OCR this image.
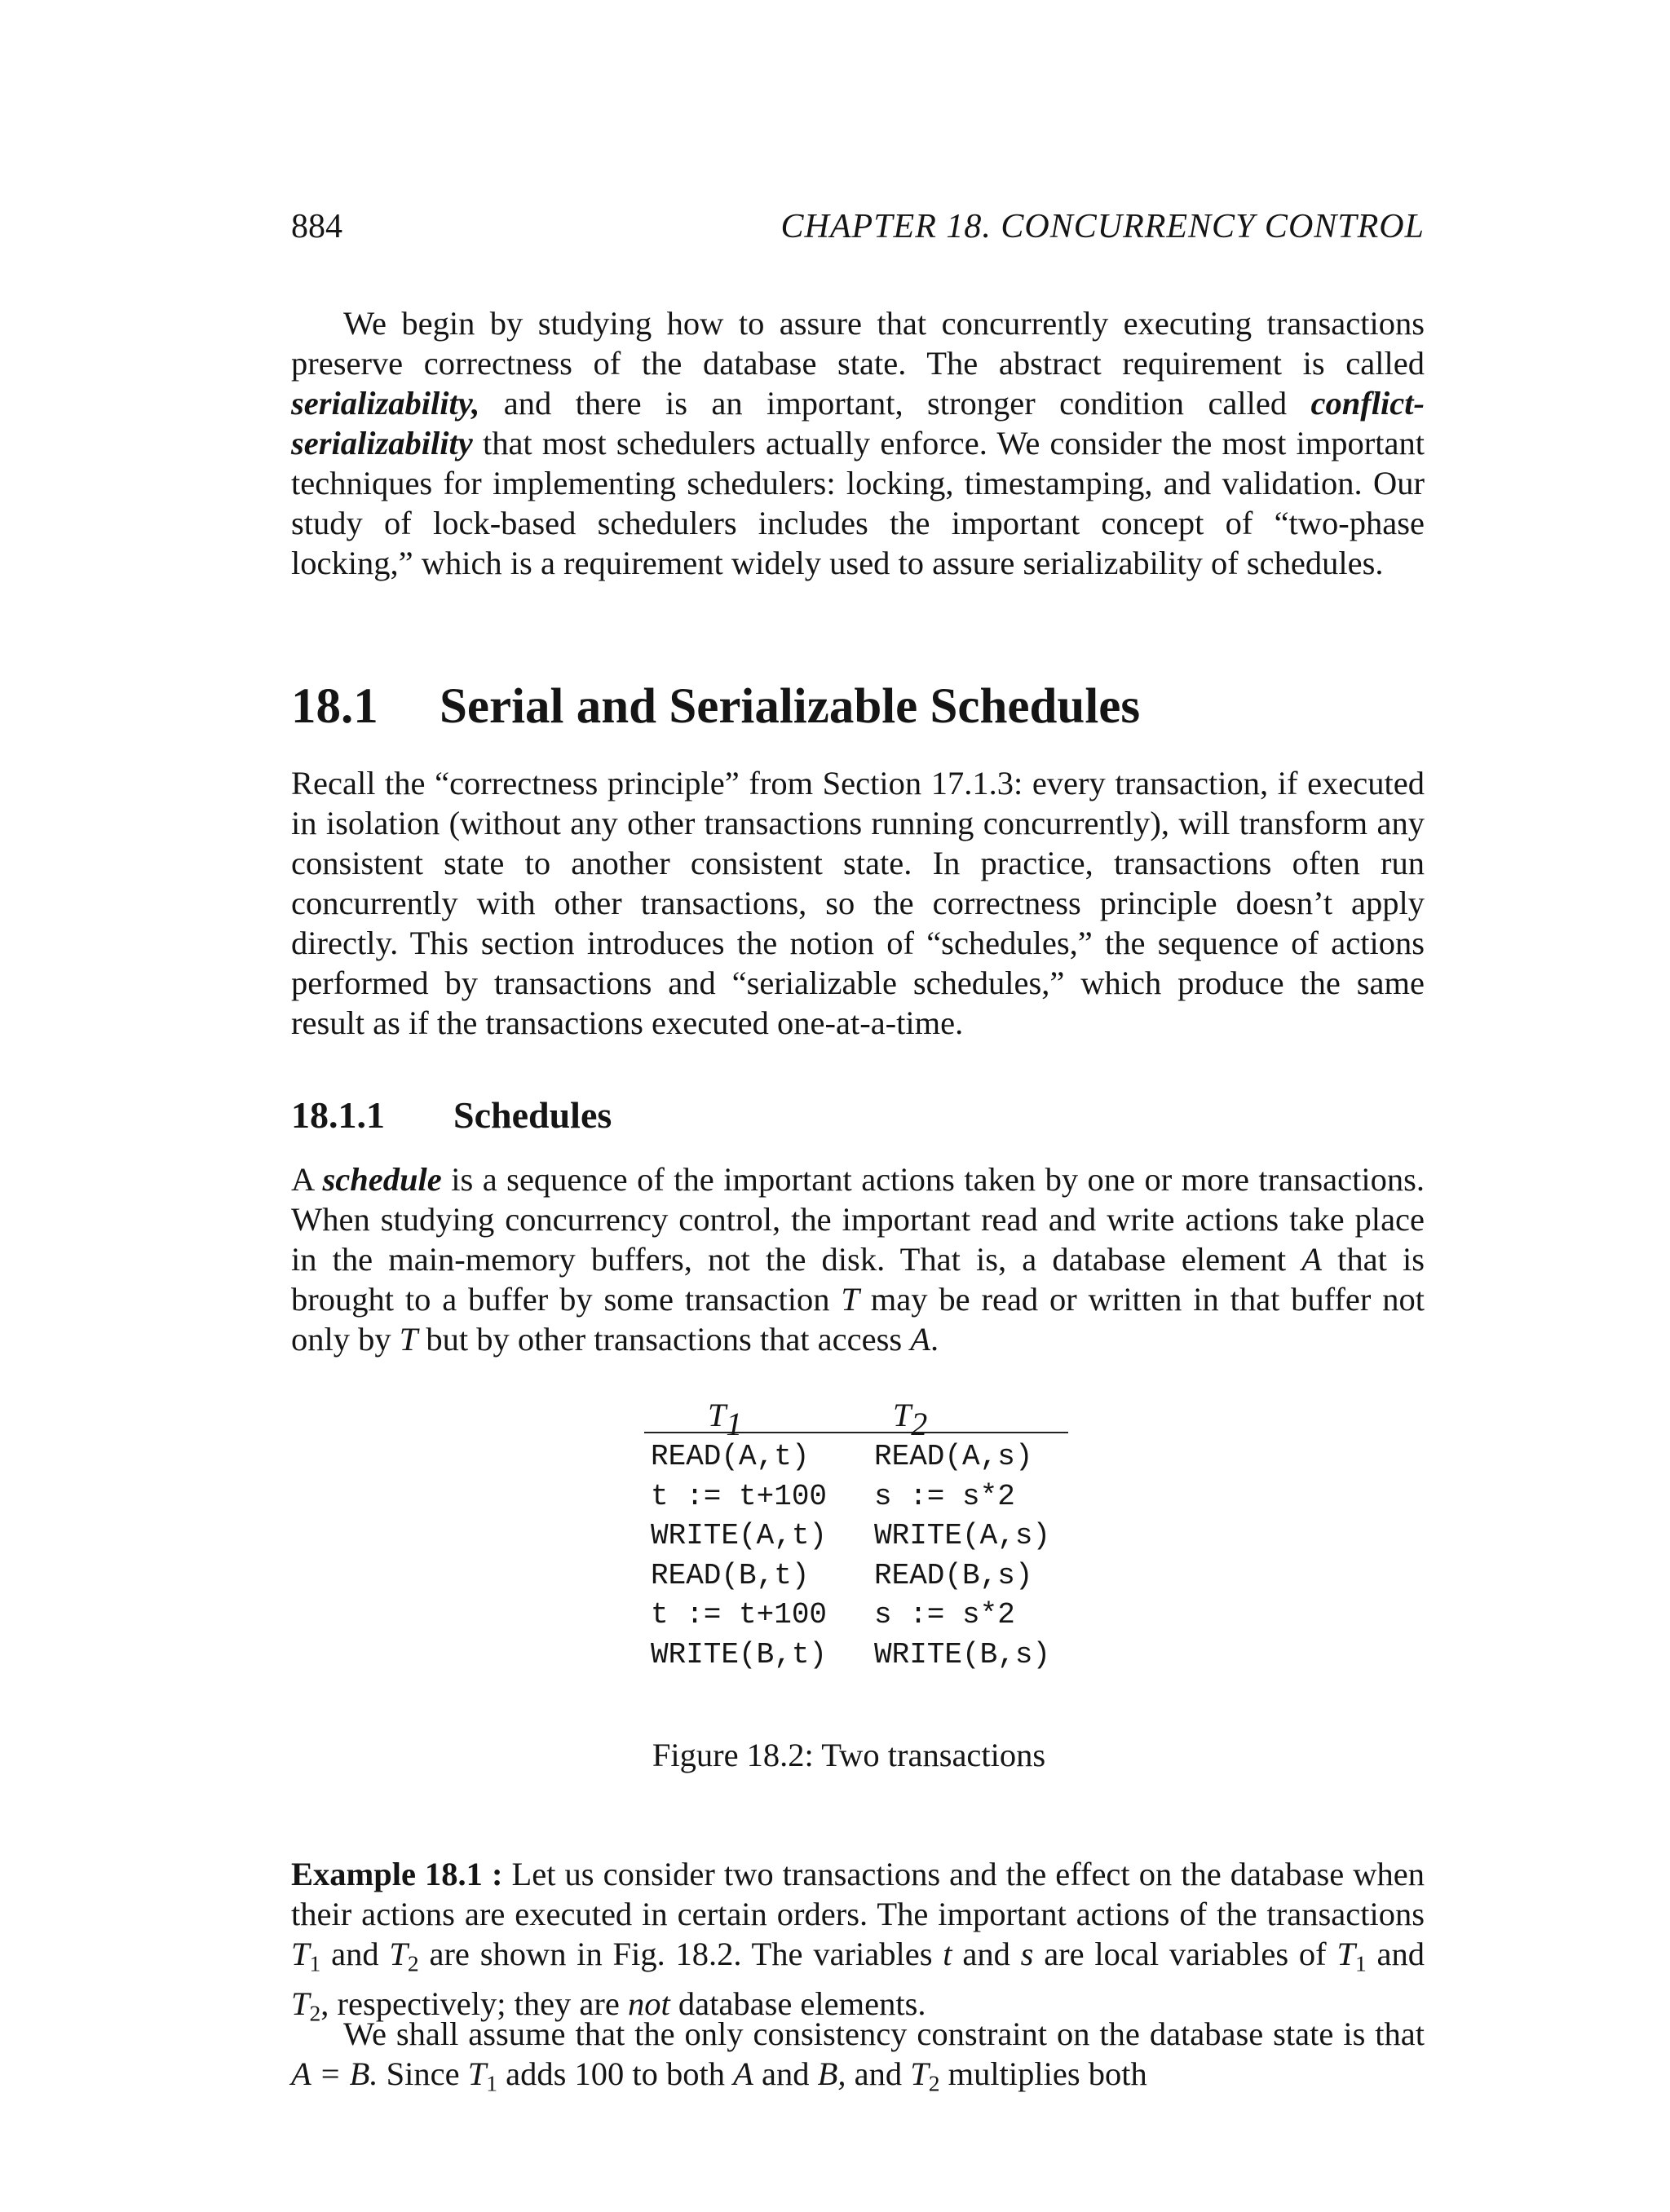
884	CHAPTER 18. CONCURRENCY CONTROL

We begin by studying how to assure that concurrently executing transactions preserve correctness of the database state. The abstract requirement is called serializability, and there is an important, stronger condition called conflict-serializability that most schedulers actually enforce. We consider the most important techniques for implementing schedulers: locking, timestamping, and validation. Our study of lock-based schedulers includes the important concept of “two-phase locking,” which is a requirement widely used to assure serializability of schedules.

18.1 Serial and Serializable Schedules

Recall the “correctness principle” from Section 17.1.3: every transaction, if executed in isolation (without any other transactions running concurrently), will transform any consistent state to another consistent state. In practice, transactions often run concurrently with other transactions, so the correctness principle doesn’t apply directly. This section introduces the notion of “schedules,” the sequence of actions performed by transactions and “serializable schedules,” which produce the same result as if the transactions executed one-at-a-time.

18.1.1 Schedules

A schedule is a sequence of the important actions taken by one or more transactions. When studying concurrency control, the important read and write actions take place in the main-memory buffers, not the disk. That is, a database element A that is brought to a buffer by some transaction T may be read or written in that buffer not only by T but by other transactions that access A.

T1	T2
READ(A,t) READ(A,s)
t := t+100 s := s*2
WRITE(A,t) WRITE(A,s)
READ(B,t) READ(B,s)
t := t+100 s := s*2
WRITE(B,t) WRITE(B,s)
Figure 18.2: Two transactions

Example 18.1 : Let us consider two transactions and the effect on the database when their actions are executed in certain orders. The important actions of the transactions $T_1$ and $T_2$ are shown in Fig. 18.2. The variables t and s are local variables of $T_1$ and $T_2$, respectively; they are not database elements.

We shall assume that the only consistency constraint on the database state is that A = B. Since $T_1$ adds 100 to both A and B, and $T_2$ multiplies both
